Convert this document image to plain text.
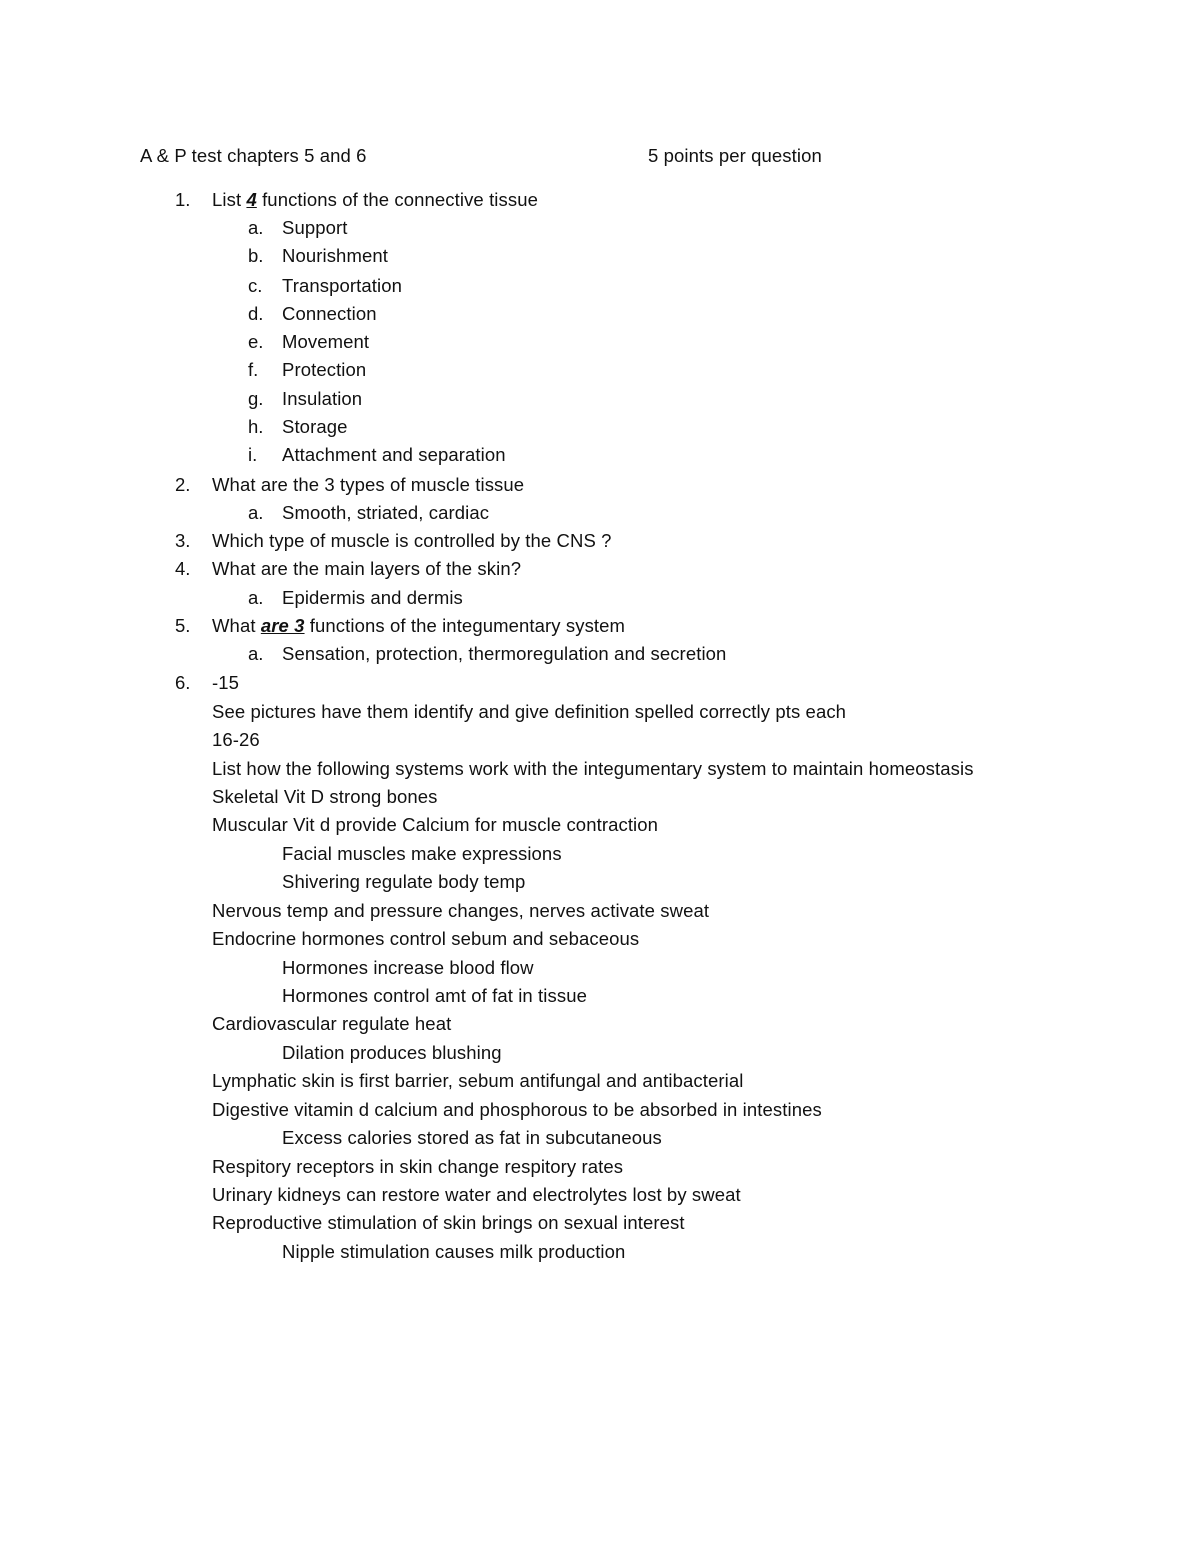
A & P test chapters 5 and 6	5 points per question
1. List 4 functions of the connective tissue
a. Support
b. Nourishment
c. Transportation
d. Connection
e. Movement
f. Protection
g. Insulation
h. Storage
i. Attachment and separation
2. What are the 3 types of muscle tissue
a. Smooth, striated, cardiac
3. Which type of muscle is controlled by the CNS ?
4. What are the main layers of the skin?
a. Epidermis and dermis
5. What are 3 functions of the integumentary system
a. Sensation, protection, thermoregulation and secretion
6. -15
See pictures have them identify and give definition spelled correctly pts each
16-26
List how the following systems work with the integumentary system to maintain homeostasis
Skeletal Vit D strong bones
Muscular Vit d provide Calcium for muscle contraction
Facial muscles make expressions
Shivering regulate body temp
Nervous temp and pressure changes, nerves activate sweat
Endocrine hormones control sebum and sebaceous
Hormones increase blood flow
Hormones control amt of fat in tissue
Cardiovascular regulate heat
Dilation produces blushing
Lymphatic skin is first barrier, sebum antifungal and antibacterial
Digestive vitamin d calcium and phosphorous to be absorbed in intestines
Excess calories stored as fat in subcutaneous
Respitory receptors in skin change respitory rates
Urinary kidneys can restore water and electrolytes lost by sweat
Reproductive stimulation of skin brings on sexual interest
Nipple stimulation causes milk production
